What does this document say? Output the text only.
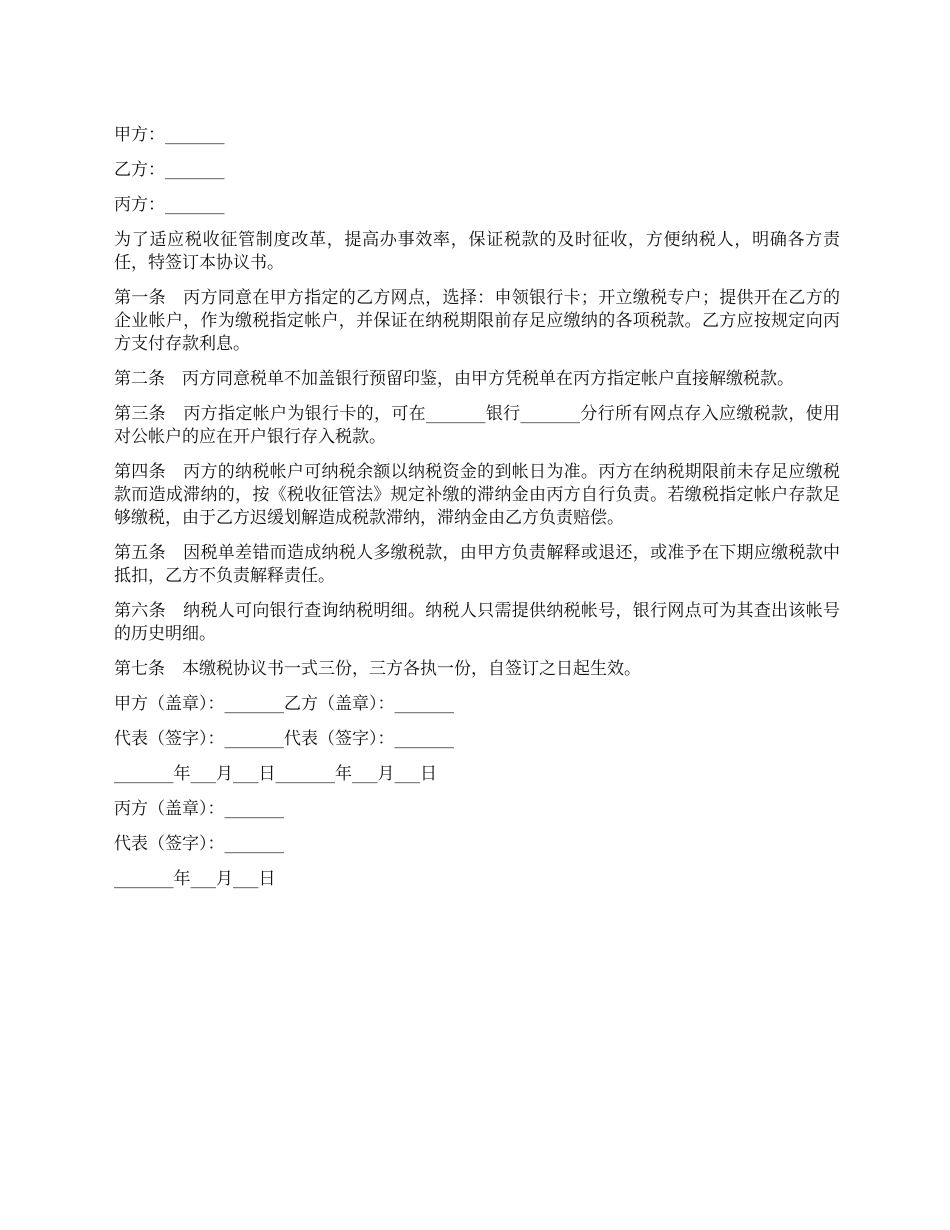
甲方：_______
乙方：_______
丙方：_______
为了适应税收征管制度改革，提高办事效率，保证税款的及时征收，方便纳税人，明确各方责任，特签订本协议书。
第一条　丙方同意在甲方指定的乙方网点，选择：申领银行卡；开立缴税专户；提供开在乙方的企业帐户，作为缴税指定帐户，并保证在纳税期限前存足应缴纳的各项税款。乙方应按规定向丙方支付存款利息。
第二条　丙方同意税单不加盖银行预留印鉴，由甲方凭税单在丙方指定帐户直接解缴税款。
第三条　丙方指定帐户为银行卡的，可在_______银行_______分行所有网点存入应缴税款，使用对公帐户的应在开户银行存入税款。
第四条　丙方的纳税帐户可纳税余额以纳税资金的到帐日为准。丙方在纳税期限前未存足应缴税款而造成滞纳的，按《税收征管法》规定补缴的滞纳金由丙方自行负责。若缴税指定帐户存款足够缴税，由于乙方迟缓划解造成税款滞纳，滞纳金由乙方负责赔偿。
第五条　因税单差错而造成纳税人多缴税款，由甲方负责解释或退还，或准予在下期应缴税款中抵扣，乙方不负责解释责任。
第六条　纳税人可向银行查询纳税明细。纳税人只需提供纳税帐号，银行网点可为其查出该帐号的历史明细。
第七条　本缴税协议书一式三份，三方各执一份，自签订之日起生效。
甲方（盖章）：_______乙方（盖章）：_______
代表（签字）：_______代表（签字）：_______
_______年___月___日_______年___月___日
丙方（盖章）：_______
代表（签字）：_______
_______年___月___日
